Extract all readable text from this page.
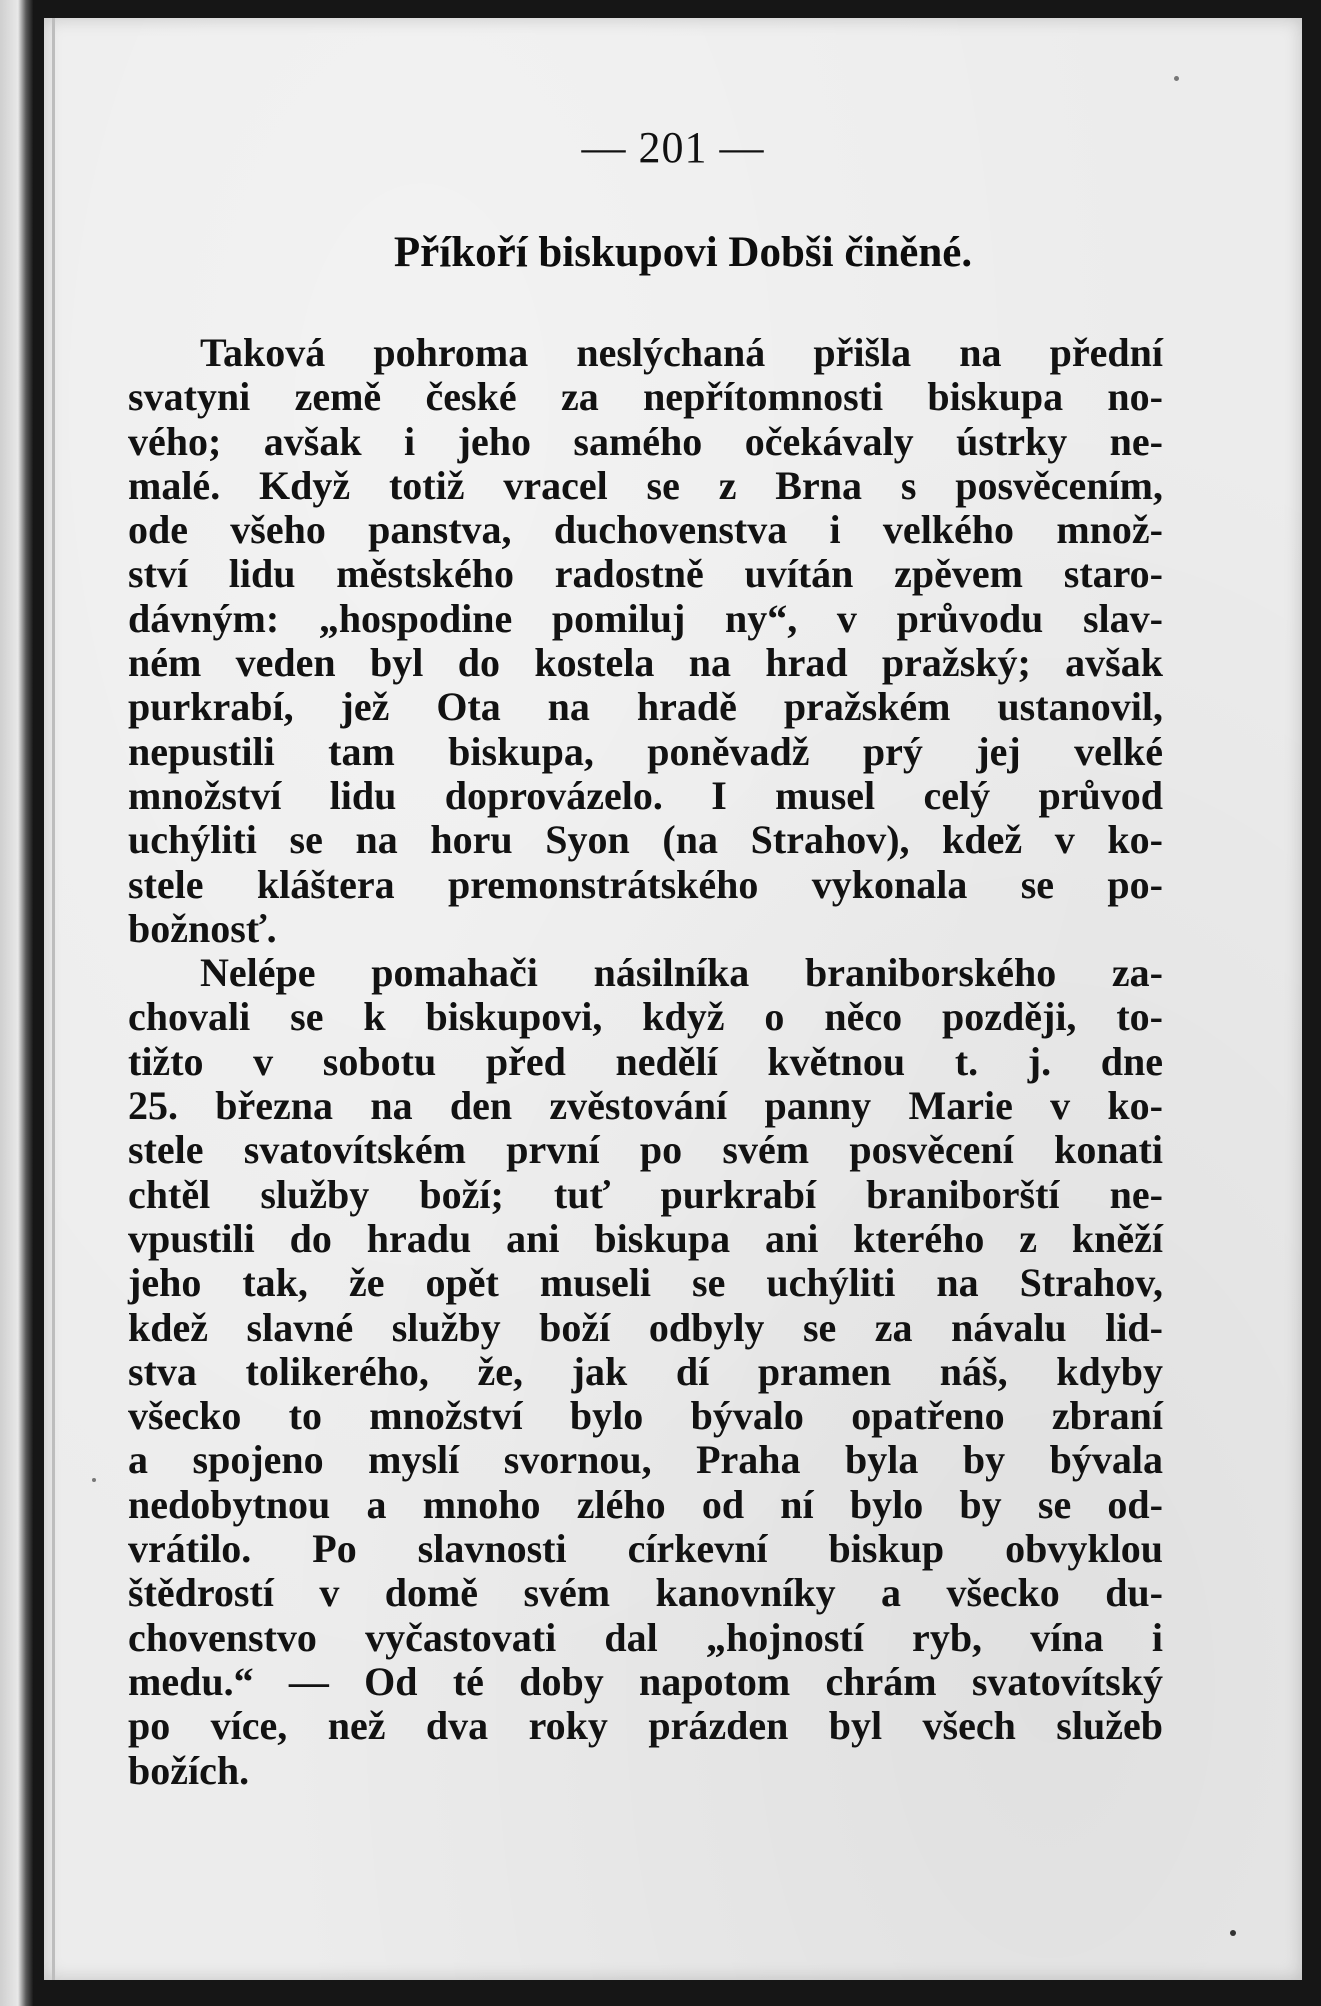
— 201 —
Příkoří biskupovi Dobši činěné.
Taková pohroma neslýchaná přišla na přední
svatyni země české za nepřítomnosti biskupa no-
vého; avšak i jeho samého očekávaly ústrky ne-
malé. Když totiž vracel se z Brna s posvěcením,
ode všeho panstva, duchovenstva i velkého množ-
ství lidu městského radostně uvítán zpěvem staro-
dávným: „hospodine pomiluj ny“, v průvodu slav-
ném veden byl do kostela na hrad pražský; avšak
purkrabí, jež Ota na hradě pražském ustanovil,
nepustili tam biskupa, poněvadž prý jej velké
množství lidu doprovázelo. I musel celý průvod
uchýliti se na horu Syon (na Strahov), kdež v ko-
stele kláštera premonstrátského vykonala se po-
božnosť.
Nelépe pomahači násilníka braniborského za-
chovali se k biskupovi, když o něco později, to-
tižto v sobotu před nedělí květnou t. j. dne
25. března na den zvěstování panny Marie v ko-
stele svatovítském první po svém posvěcení konati
chtěl služby boží; tuť purkrabí braniborští ne-
vpustili do hradu ani biskupa ani kterého z kněží
jeho tak, že opět museli se uchýliti na Strahov,
kdež slavné služby boží odbyly se za návalu lid-
stva tolikerého, že, jak dí pramen náš, kdyby
všecko to množství bylo bývalo opatřeno zbraní
a spojeno myslí svornou, Praha byla by bývala
nedobytnou a mnoho zlého od ní bylo by se od-
vrátilo. Po slavnosti církevní biskup obvyklou
štědrostí v domě svém kanovníky a všecko du-
chovenstvo vyčastovati dal „hojností ryb, vína i
medu.“ — Od té doby napotom chrám svatovítský
po více, než dva roky prázden byl všech služeb
božích.
